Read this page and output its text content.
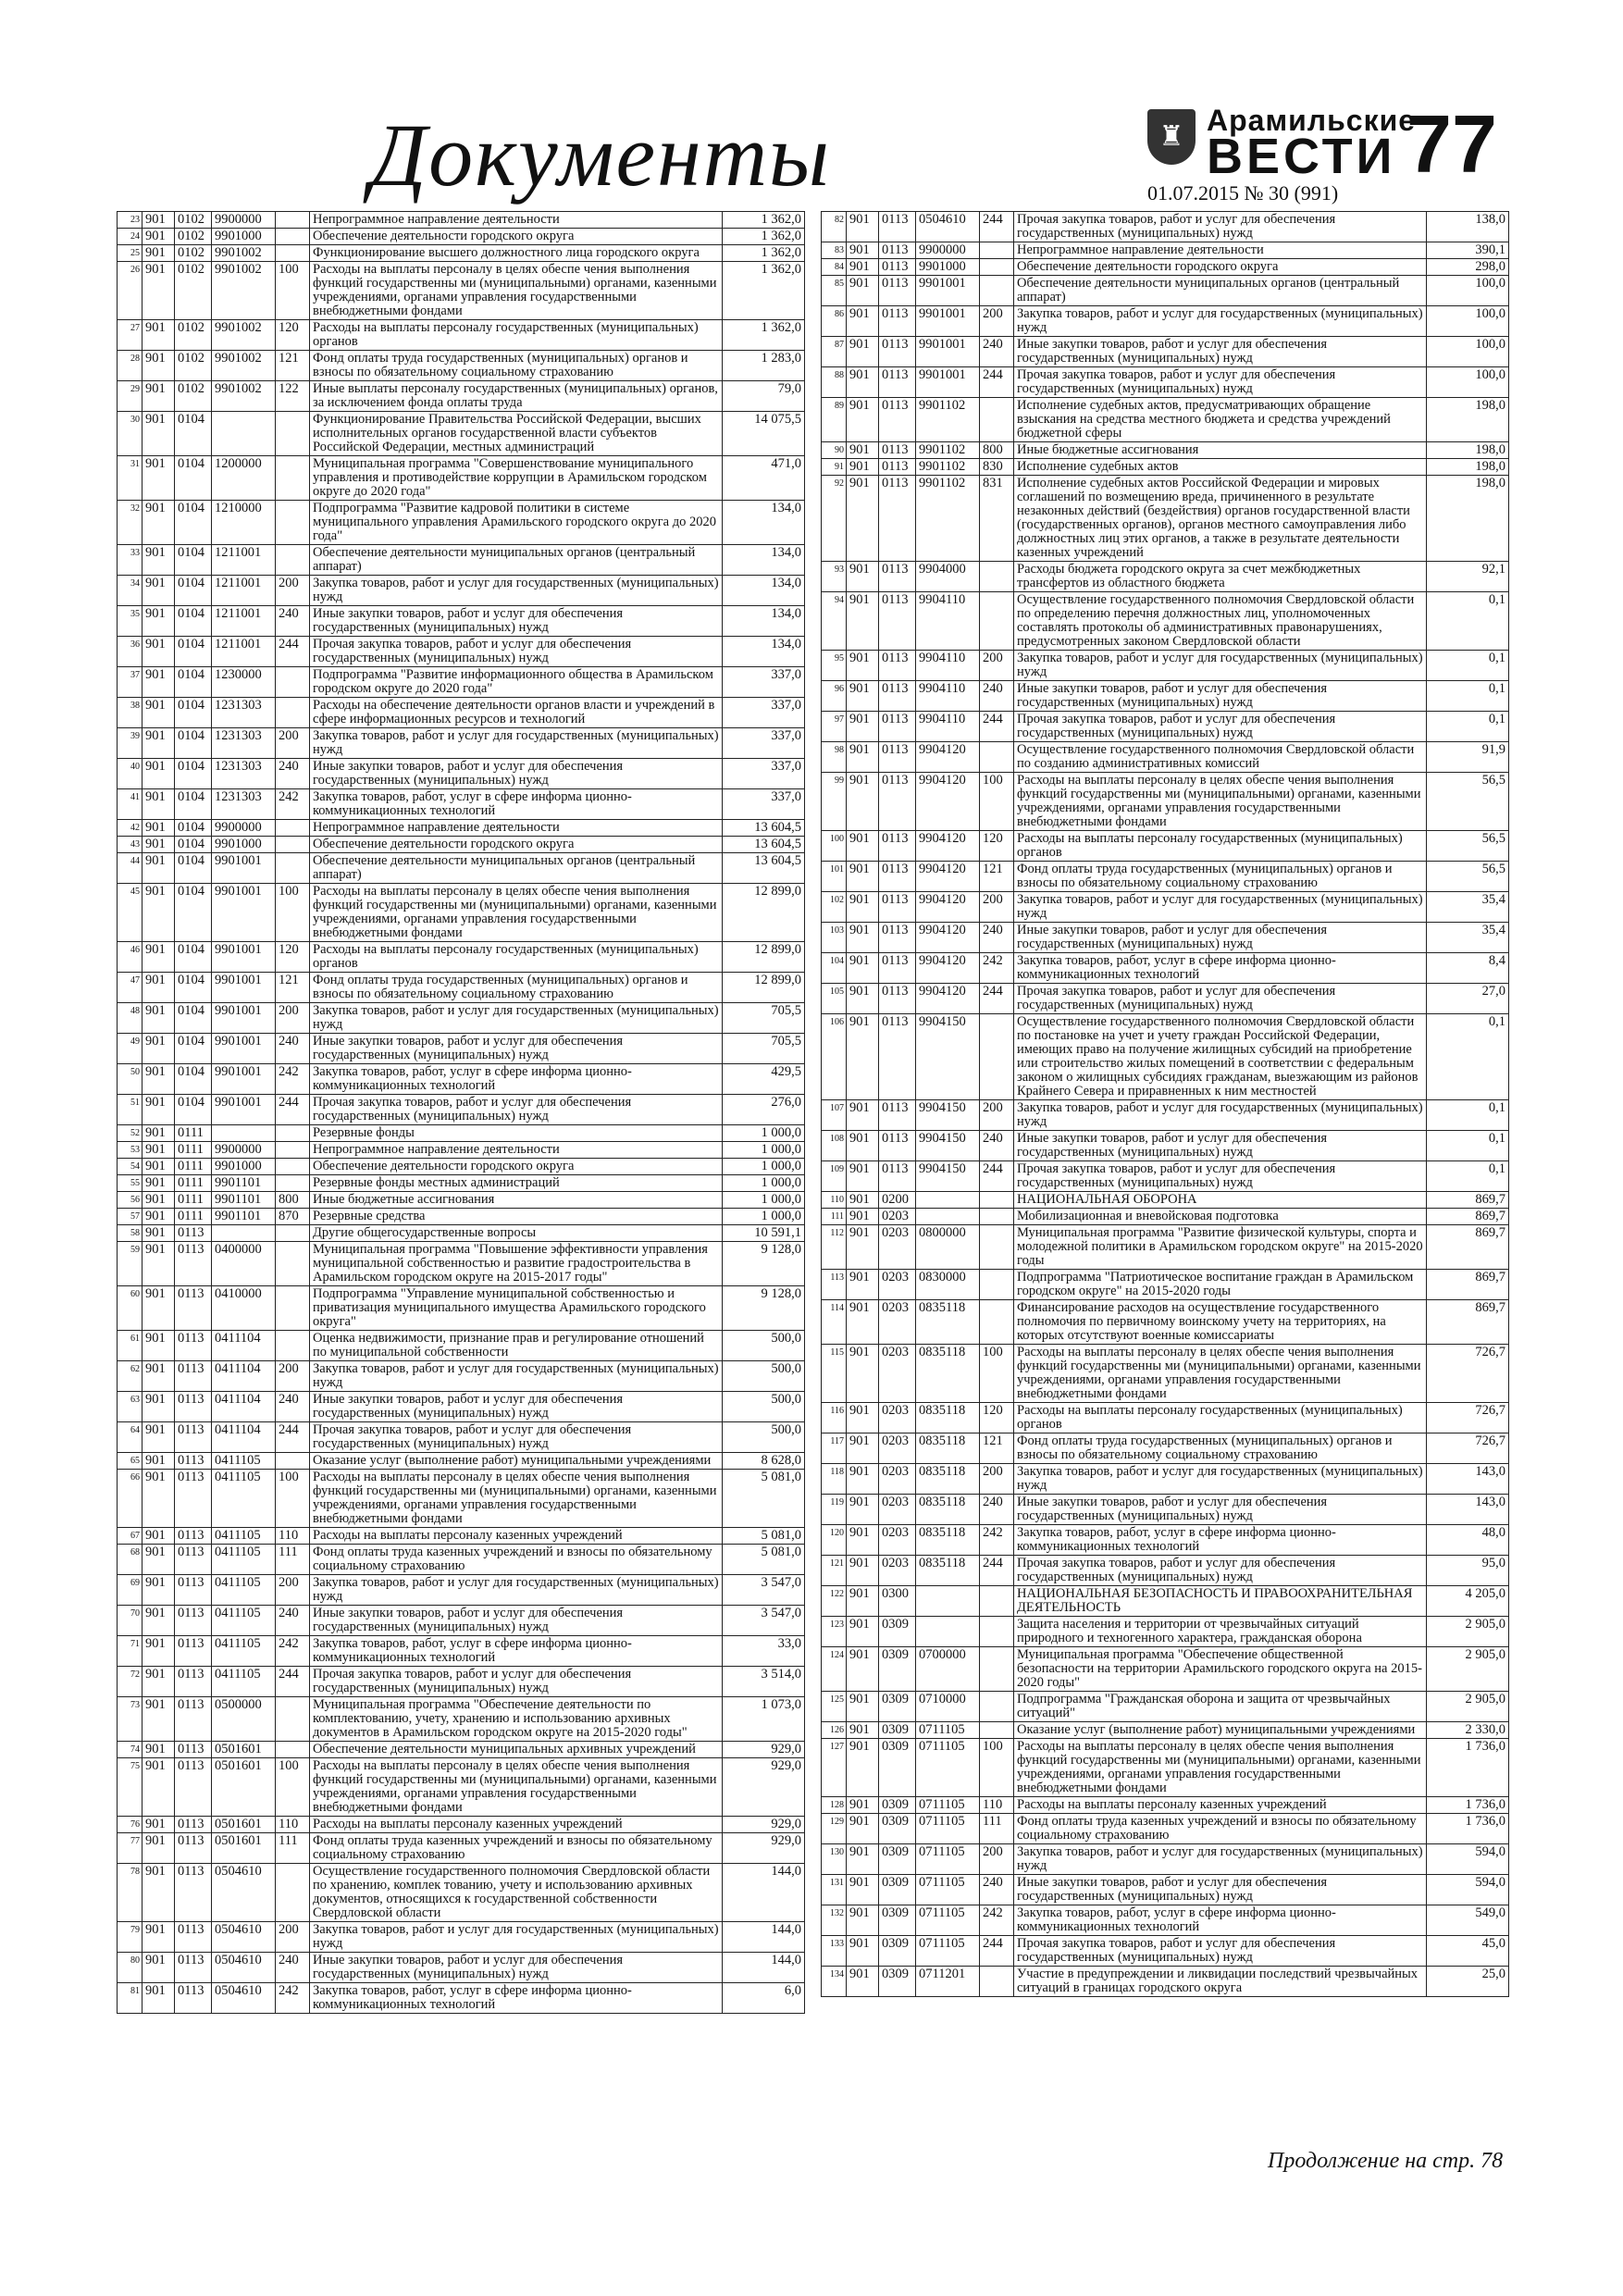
Документы	♜ Арамильские
ВЕСТИ
01.07.2015 № 30 (991)
77
23	901	0102	9900000		Непрограммное направление деятельности	1 362,0
24	901	0102	9901000		Обеспечение деятельности городского округа	1 362,0
25	901	0102	9901002		Функционирование высшего должностного лица городского округа	1 362,0
26	901	0102	9901002	100	Расходы на выплаты персоналу в целях обеспе чения выполнения функций государственны ми (муниципальными) органами, казенными учреждениями, органами управления государственными внебюджетными фондами	1 362,0
27	901	0102	9901002	120	Расходы на выплаты персоналу государственных (муниципальных) органов	1 362,0
28	901	0102	9901002	121	Фонд оплаты труда государственных (муниципальных) органов и взносы по обязательному социальному страхованию	1 283,0
29	901	0102	9901002	122	Иные выплаты персоналу государственных (муниципальных) органов, за исключением фонда оплаты труда	79,0
30	901	0104			Функционирование Правительства Российской Федерации, высших исполнительных органов государственной власти субъектов Российской Федерации, местных администраций	14 075,5
31	901	0104	1200000		Муниципальная программа "Совершенствование муниципального управления и противодействие коррупции в Арамильском городском округе до 2020 года"	471,0
32	901	0104	1210000		Подпрограмма "Развитие кадровой политики в системе муниципального управления Арамильского городского округа до 2020 года"	134,0
33	901	0104	1211001		Обеспечение деятельности муниципальных органов (центральный аппарат)	134,0
34	901	0104	1211001	200	Закупка товаров, работ и услуг для государственных (муниципальных) нужд	134,0
35	901	0104	1211001	240	Иные закупки товаров, работ и услуг для обеспечения государственных (муниципальных) нужд	134,0
36	901	0104	1211001	244	Прочая закупка товаров, работ и услуг для обеспечения государственных (муниципальных) нужд	134,0
37	901	0104	1230000		Подпрограмма "Развитие информационного общества в Арамильском городском округе до 2020 года"	337,0
38	901	0104	1231303		Расходы на обеспечение деятельности органов власти и учреждений в сфере информационных ресурсов и технологий	337,0
39	901	0104	1231303	200	Закупка товаров, работ и услуг для государственных (муниципальных) нужд	337,0
40	901	0104	1231303	240	Иные закупки товаров, работ и услуг для обеспечения государственных (муниципальных) нужд	337,0
41	901	0104	1231303	242	Закупка товаров, работ, услуг в сфере информа ционно-коммуникационных технологий	337,0
42	901	0104	9900000		Непрограммное направление деятельности	13 604,5
43	901	0104	9901000		Обеспечение деятельности городского округа	13 604,5
44	901	0104	9901001		Обеспечение деятельности муниципальных органов (центральный аппарат)	13 604,5
45	901	0104	9901001	100	Расходы на выплаты персоналу в целях обеспе чения выполнения функций государственны ми (муниципальными) органами, казенными учреждениями, органами управления государственными внебюджетными фондами	12 899,0
46	901	0104	9901001	120	Расходы на выплаты персоналу государственных (муниципальных) органов	12 899,0
47	901	0104	9901001	121	Фонд оплаты труда государственных (муниципальных) органов и взносы по обязательному социальному страхованию	12 899,0
48	901	0104	9901001	200	Закупка товаров, работ и услуг для государственных (муниципальных) нужд	705,5
49	901	0104	9901001	240	Иные закупки товаров, работ и услуг для обеспечения государственных (муниципальных) нужд	705,5
50	901	0104	9901001	242	Закупка товаров, работ, услуг в сфере информа ционно-коммуникационных технологий	429,5
51	901	0104	9901001	244	Прочая закупка товаров, работ и услуг для обеспечения государственных (муниципальных) нужд	276,0
52	901	0111			Резервные фонды	1 000,0
53	901	0111	9900000		Непрограммное направление деятельности	1 000,0
54	901	0111	9901000		Обеспечение деятельности городского округа	1 000,0
55	901	0111	9901101		Резервные фонды местных администраций	1 000,0
56	901	0111	9901101	800	Иные бюджетные ассигнования	1 000,0
57	901	0111	9901101	870	Резервные средства	1 000,0
58	901	0113			Другие общегосударственные вопросы	10 591,1
59	901	0113	0400000		Муниципальная программа "Повышение эффективности управления муниципальной собственностью и развитие градостроительства в Арамильском городском округе на 2015-2017 годы"	9 128,0
60	901	0113	0410000		Подпрограмма "Управление муниципальной собственностью и приватизация муниципального имущества Арамильского городского округа"	9 128,0
61	901	0113	0411104		Оценка недвижимости, признание прав и регулирование отношений по муниципальной собственности	500,0
62	901	0113	0411104	200	Закупка товаров, работ и услуг для государственных (муниципальных) нужд	500,0
63	901	0113	0411104	240	Иные закупки товаров, работ и услуг для обеспечения государственных (муниципальных) нужд	500,0
64	901	0113	0411104	244	Прочая закупка товаров, работ и услуг для обеспечения государственных (муниципальных) нужд	500,0
65	901	0113	0411105		Оказание услуг (выполнение работ) муниципальными учреждениями	8 628,0
66	901	0113	0411105	100	Расходы на выплаты персоналу в целях обеспе чения выполнения функций государственны ми (муниципальными) органами, казенными учреждениями, органами управления государственными внебюджетными фондами	5 081,0
67	901	0113	0411105	110	Расходы на выплаты персоналу казенных учреждений	5 081,0
68	901	0113	0411105	111	Фонд оплаты труда казенных учреждений и взносы по обязательному социальному страхованию	5 081,0
69	901	0113	0411105	200	Закупка товаров, работ и услуг для государственных (муниципальных) нужд	3 547,0
70	901	0113	0411105	240	Иные закупки товаров, работ и услуг для обеспечения государственных (муниципальных) нужд	3 547,0
71	901	0113	0411105	242	Закупка товаров, работ, услуг в сфере информа ционно-коммуникационных технологий	33,0
72	901	0113	0411105	244	Прочая закупка товаров, работ и услуг для обеспечения государственных (муниципальных) нужд	3 514,0
73	901	0113	0500000		Муниципальная программа "Обеспечение деятельности по комплектованию, учету, хранению и использованию архивных документов в Арамильском городском округе на 2015-2020 годы"	1 073,0
74	901	0113	0501601		Обеспечение деятельности муниципальных архивных учреждений	929,0
75	901	0113	0501601	100	Расходы на выплаты персоналу в целях обеспе чения выполнения функций государственны ми (муниципальными) органами, казенными учреждениями, органами управления государственными внебюджетными фондами	929,0
76	901	0113	0501601	110	Расходы на выплаты персоналу казенных учреждений	929,0
77	901	0113	0501601	111	Фонд оплаты труда казенных учреждений и взносы по обязательному социальному страхованию	929,0
78	901	0113	0504610		Осуществление государственного полномочия Свердловской области по хранению, комплек тованию, учету и использованию архивных документов, относящихся к государственной собственности Свердловской области	144,0
79	901	0113	0504610	200	Закупка товаров, работ и услуг для государственных (муниципальных) нужд	144,0
80	901	0113	0504610	240	Иные закупки товаров, работ и услуг для обеспечения государственных (муниципальных) нужд	144,0
81	901	0113	0504610	242	Закупка товаров, работ, услуг в сфере информа ционно-коммуникационных технологий	6,0
82	901	0113	0504610	244	Прочая закупка товаров, работ и услуг для обеспечения государственных (муниципальных) нужд	138,0
83	901	0113	9900000		Непрограммное направление деятельности	390,1
84	901	0113	9901000		Обеспечение деятельности городского округа	298,0
85	901	0113	9901001		Обеспечение деятельности муниципальных органов (центральный аппарат)	100,0
86	901	0113	9901001	200	Закупка товаров, работ и услуг для государственных (муниципальных) нужд	100,0
87	901	0113	9901001	240	Иные закупки товаров, работ и услуг для обеспечения государственных (муниципальных) нужд	100,0
88	901	0113	9901001	244	Прочая закупка товаров, работ и услуг для обеспечения государственных (муниципальных) нужд	100,0
89	901	0113	9901102		Исполнение судебных актов, предусматривающих обращение взыскания на средства местного бюджета и средства учреждений бюджетной сферы	198,0
90	901	0113	9901102	800	Иные бюджетные ассигнования	198,0
91	901	0113	9901102	830	Исполнение судебных актов	198,0
92	901	0113	9901102	831	Исполнение судебных актов Российской Федерации и мировых соглашений по возмещению вреда, причиненного в результате незаконных действий (бездействия) органов государственной власти (государственных органов), органов местного самоуправления либо должностных лиц этих органов, а также в результате деятельности казенных учреждений	198,0
93	901	0113	9904000		Расходы бюджета городского округа за счет межбюджетных трансфертов из областного бюджета	92,1
94	901	0113	9904110		Осуществление государственного полномочия Свердловской области по определению перечня должностных лиц, уполномоченных составлять протоколы об административных правонарушениях, предусмотренных законом Свердловской области	0,1
95	901	0113	9904110	200	Закупка товаров, работ и услуг для государственных (муниципальных) нужд	0,1
96	901	0113	9904110	240	Иные закупки товаров, работ и услуг для обеспечения государственных (муниципальных) нужд	0,1
97	901	0113	9904110	244	Прочая закупка товаров, работ и услуг для обеспечения государственных (муниципальных) нужд	0,1
98	901	0113	9904120		Осуществление государственного полномочия Свердловской области по созданию административных комиссий	91,9
99	901	0113	9904120	100	Расходы на выплаты персоналу в целях обеспе чения выполнения функций государственны ми (муниципальными) органами, казенными учреждениями, органами управления государственными внебюджетными фондами	56,5
100	901	0113	9904120	120	Расходы на выплаты персоналу государственных (муниципальных) органов	56,5
101	901	0113	9904120	121	Фонд оплаты труда государственных (муниципальных) органов и взносы по обязательному социальному страхованию	56,5
102	901	0113	9904120	200	Закупка товаров, работ и услуг для государственных (муниципальных) нужд	35,4
103	901	0113	9904120	240	Иные закупки товаров, работ и услуг для обеспечения государственных (муниципальных) нужд	35,4
104	901	0113	9904120	242	Закупка товаров, работ, услуг в сфере информа ционно-коммуникационных технологий	8,4
105	901	0113	9904120	244	Прочая закупка товаров, работ и услуг для обеспечения государственных (муниципальных) нужд	27,0
106	901	0113	9904150		Осуществление государственного полномочия Свердловской области по постановке на учет и учету граждан Российской Федерации, имеющих право на получение жилищных субсидий на приобретение или строительство жилых помещений в соответствии с федеральным законом о жилищных субсидиях гражданам, выезжающим из районов Крайнего Севера и приравненных к ним местностей	0,1
107	901	0113	9904150	200	Закупка товаров, работ и услуг для государственных (муниципальных) нужд	0,1
108	901	0113	9904150	240	Иные закупки товаров, работ и услуг для обеспечения государственных (муниципальных) нужд	0,1
109	901	0113	9904150	244	Прочая закупка товаров, работ и услуг для обеспечения государственных (муниципальных) нужд	0,1
110	901	0200			НАЦИОНАЛЬНАЯ ОБОРОНА	869,7
111	901	0203			Мобилизационная и вневойсковая подготовка	869,7
112	901	0203	0800000		Муниципальная программа "Развитие физической культуры, спорта и молодежной политики в Арамильском городском округе" на 2015-2020 годы	869,7
113	901	0203	0830000		Подпрограмма "Патриотическое воспитание граждан в Арамильском городском округе" на 2015-2020 годы	869,7
114	901	0203	0835118		Финансирование расходов на осуществление государственного полномочия по первичному воинскому учету на территориях, на которых отсутствуют военные комиссариаты	869,7
115	901	0203	0835118	100	Расходы на выплаты персоналу в целях обеспе чения выполнения функций государственны ми (муниципальными) органами, казенными учреждениями, органами управления государственными внебюджетными фондами	726,7
116	901	0203	0835118	120	Расходы на выплаты персоналу государственных (муниципальных) органов	726,7
117	901	0203	0835118	121	Фонд оплаты труда государственных (муниципальных) органов и взносы по обязательному социальному страхованию	726,7
118	901	0203	0835118	200	Закупка товаров, работ и услуг для государственных (муниципальных) нужд	143,0
119	901	0203	0835118	240	Иные закупки товаров, работ и услуг для обеспечения государственных (муниципальных) нужд	143,0
120	901	0203	0835118	242	Закупка товаров, работ, услуг в сфере информа ционно-коммуникационных технологий	48,0
121	901	0203	0835118	244	Прочая закупка товаров, работ и услуг для обеспечения государственных (муниципальных) нужд	95,0
122	901	0300			НАЦИОНАЛЬНАЯ БЕЗОПАСНОСТЬ И ПРАВООХРАНИТЕЛЬНАЯ ДЕЯТЕЛЬНОСТЬ	4 205,0
123	901	0309			Защита населения и территории от чрезвычайных ситуаций природного и техногенного характера, гражданская оборона	2 905,0
124	901	0309	0700000		Муниципальная программа "Обеспечение общественной безопасности на территории Арамильского городского округа на 2015-2020 годы"	2 905,0
125	901	0309	0710000		Подпрограмма "Гражданская оборона и защита от чрезвычайных ситуаций"	2 905,0
126	901	0309	0711105		Оказание услуг (выполнение работ) муниципальными учреждениями	2 330,0
127	901	0309	0711105	100	Расходы на выплаты персоналу в целях обеспе чения выполнения функций государственны ми (муниципальными) органами, казенными учреждениями, органами управления государственными внебюджетными фондами	1 736,0
128	901	0309	0711105	110	Расходы на выплаты персоналу казенных учреждений	1 736,0
129	901	0309	0711105	111	Фонд оплаты труда казенных учреждений и взносы по обязательному социальному страхованию	1 736,0
130	901	0309	0711105	200	Закупка товаров, работ и услуг для государственных (муниципальных) нужд	594,0
131	901	0309	0711105	240	Иные закупки товаров, работ и услуг для обеспечения государственных (муниципальных) нужд	594,0
132	901	0309	0711105	242	Закупка товаров, работ, услуг в сфере информа ционно-коммуникационных технологий	549,0
133	901	0309	0711105	244	Прочая закупка товаров, работ и услуг для обеспечения государственных (муниципальных) нужд	45,0
134	901	0309	0711201		Участие в предупреждении и ликвидации последствий чрезвычайных ситуаций в границах городского округа	25,0
Продолжение на стр. 78
